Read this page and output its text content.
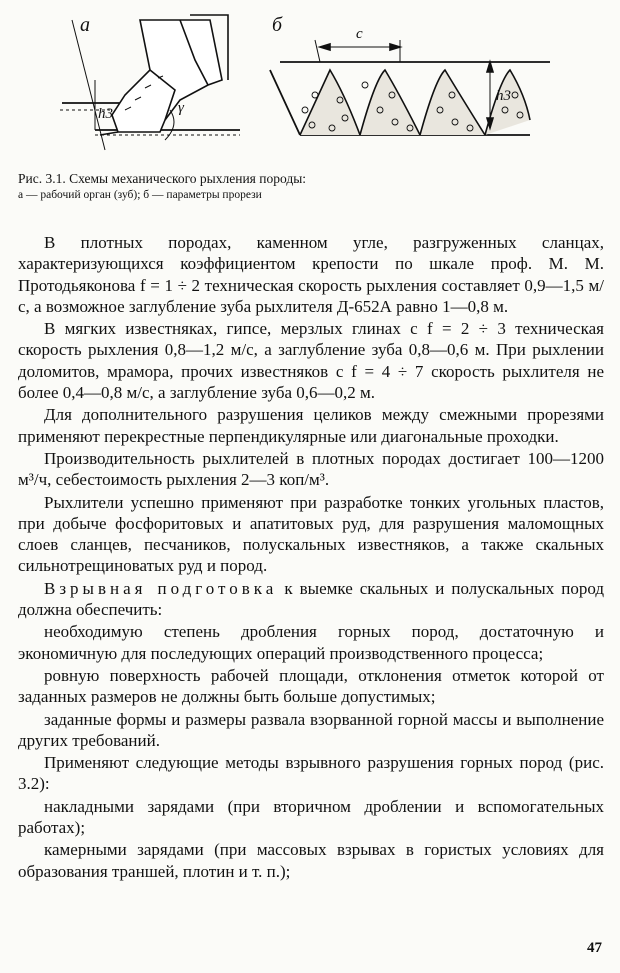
а	б
h3	γ
c
h3
Рис. 3.1. Схемы механического рыхления породы:
а — рабочий орган (зуб); б — параметры прорези

В плотных породах, каменном угле, разгруженных сланцах, характеризующихся коэффициентом крепости по шкале проф. М. М. Протодьяконова f = 1 ÷ 2 техническая скорость рыхления составляет 0,9—1,5 м/с, а возможное заглубление зуба рыхлителя Д-652А равно 1—0,8 м.

В мягких известняках, гипсе, мерзлых глинах с f = 2 ÷ 3 техническая скорость рыхления 0,8—1,2 м/с, а заглубление зуба 0,8—0,6 м. При рыхлении доломитов, мрамора, прочих известняков с f = 4 ÷ 7 скорость рыхлителя не более 0,4—0,8 м/с, а заглубление зуба 0,6—0,2 м.

Для дополнительного разрушения целиков между смежными прорезями применяют перекрестные перпендикулярные или диагональные проходки.

Производительность рыхлителей в плотных породах достигает 100—1200 м³/ч, себестоимость рыхления 2—3 коп/м³.

Рыхлители успешно применяют при разработке тонких угольных пластов, при добыче фосфоритовых и апатитовых руд, для разрушения маломощных слоев сланцев, песчаников, полускальных известняков, а также скальных сильнотрещиноватых руд и пород.

Взрывная подготовка к выемке скальных и полускальных пород должна обеспечить:

необходимую степень дробления горных пород, достаточную и экономичную для последующих операций производственного процесса;

ровную поверхность рабочей площади, отклонения отметок которой от заданных размеров не должны быть больше допустимых;

заданные формы и размеры развала взорванной горной массы и выполнение других требований.

Применяют следующие методы взрывного разрушения горных пород (рис. 3.2):

накладными зарядами (при вторичном дроблении и вспомогательных работах);

камерными зарядами (при массовых взрывах в гористых условиях для образования траншей, плотин и т. п.);

47
